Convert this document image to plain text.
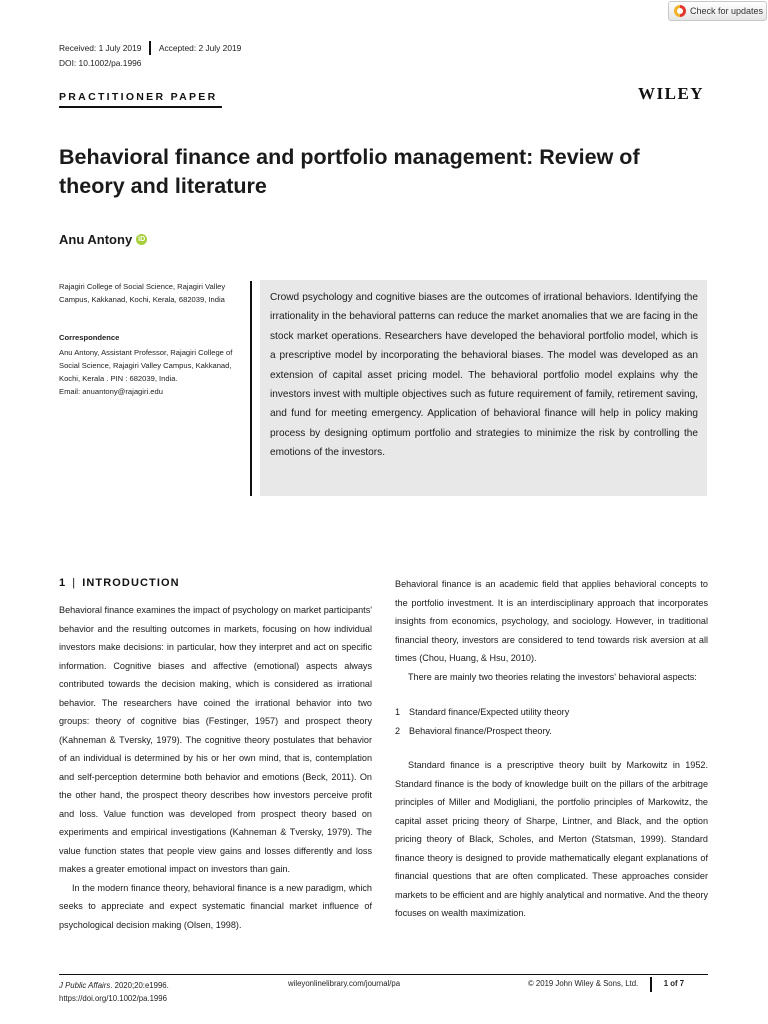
Check for updates
Received: 1 July 2019 Accepted: 2 July 2019
DOI: 10.1002/pa.1996
PRACTITIONER PAPER	WILEY
Behavioral finance and portfolio management: Review of theory and literature
Anu Antony iD
Rajagiri College of Social Science, Rajagiri Valley Campus, Kakkanad, Kochi, Kerala, 682039, India
Correspondence
Anu Antony, Assistant Professor, Rajagiri College of Social Science, Rajagiri Valley Campus, Kakkanad, Kochi, Kerala . PIN : 682039, India.
Email: anuantony@rajagiri.edu
Crowd psychology and cognitive biases are the outcomes of irrational behaviors. Identifying the irrationality in the behavioral patterns can reduce the market anomalies that we are facing in the stock market operations. Researchers have developed the behavioral portfolio model, which is a prescriptive model by incorporating the behavioral biases. The model was developed as an extension of capital asset pricing model. The behavioral portfolio model explains why the investors invest with multiple objectives such as future requirement of family, retirement saving, and fund for meeting emergency. Application of behavioral finance will help in policy making process by designing optimum portfolio and strategies to minimize the risk by controlling the emotions of the investors.
1 | INTRODUCTION

Behavioral finance examines the impact of psychology on market participants' behavior and the resulting outcomes in markets, focusing on how individual investors make decisions: in particular, how they interpret and act on specific information. Cognitive biases and affective (emotional) aspects always contributed towards the decision making, which is considered as irrational behavior. The researchers have coined the irrational behavior into two groups: theory of cognitive bias (Festinger, 1957) and prospect theory (Kahneman & Tversky, 1979). The cognitive theory postulates that behavior of an individual is determined by his or her own mind, that is, contemplation and self-perception determine both behavior and emotions (Beck, 2011). On the other hand, the prospect theory describes how investors perceive profit and loss. Value function was developed from prospect theory based on experiments and empirical investigations (Kahneman & Tversky, 1979). The value function states that people view gains and losses differently and loss makes a greater emotional impact on investors than gain.

In the modern finance theory, behavioral finance is a new paradigm, which seeks to appreciate and expect systematic financial market influence of psychological decision making (Olsen, 1998).

Behavioral finance is an academic field that applies behavioral concepts to the portfolio investment. It is an interdisciplinary approach that incorporates insights from economics, psychology, and sociology. However, in traditional financial theory, investors are considered to tend towards risk aversion at all times (Chou, Huang, & Hsu, 2010).

There are mainly two theories relating the investors' behavioral aspects:

1 Standard finance/Expected utility theory
2 Behavioral finance/Prospect theory.

Standard finance is a prescriptive theory built by Markowitz in 1952. Standard finance is the body of knowledge built on the pillars of the arbitrage principles of Miller and Modigliani, the portfolio principles of Markowitz, the capital asset pricing theory of Sharpe, Lintner, and Black, and the option pricing theory of Black, Scholes, and Merton (Statsman, 1999). Standard finance theory is designed to provide mathematically elegant explanations of financial questions that are often complicated. These approaches consider markets to be efficient and are highly analytical and normative. And the theory focuses on wealth maximization.

J Public Affairs. 2020;20:e1996.
https://doi.org/10.1002/pa.1996
wileyonlinelibrary.com/journal/pa	© 2019 John Wiley & Sons, Ltd.	1 of 7
